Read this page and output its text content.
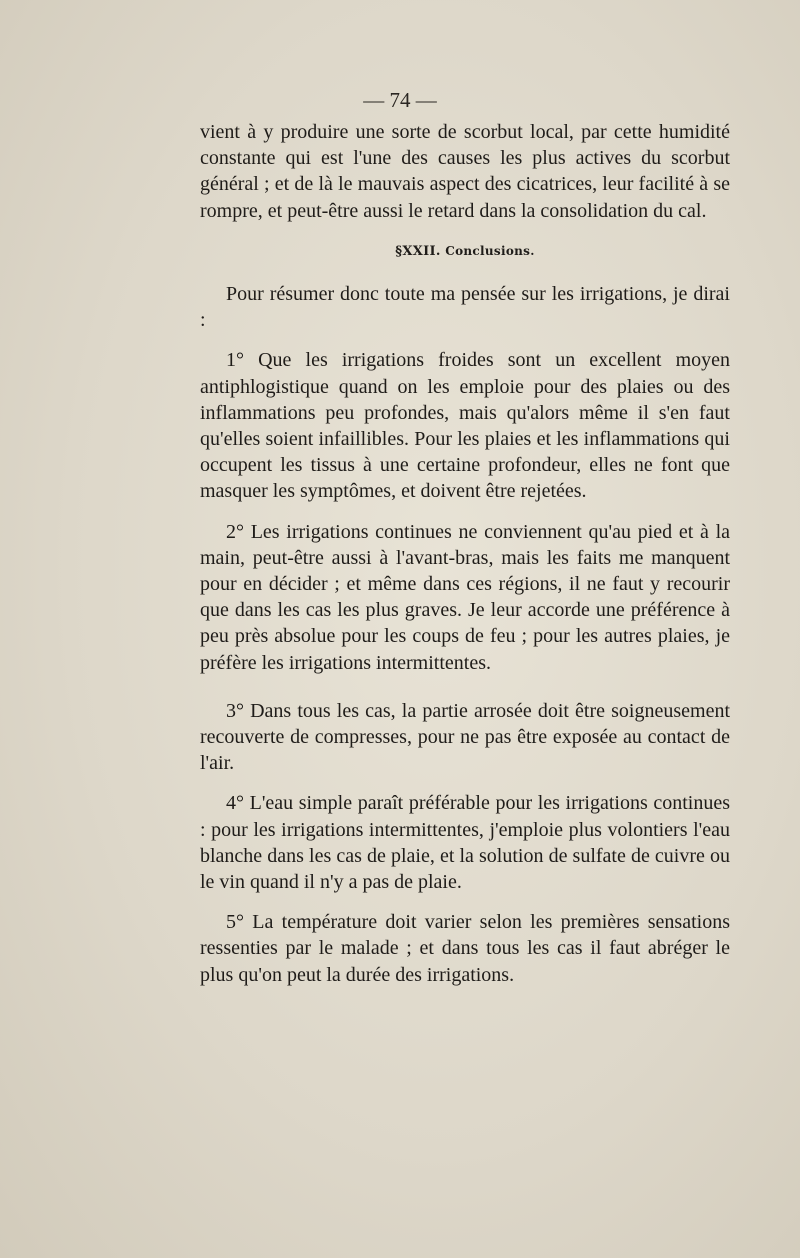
— 74 —

vient à y produire une sorte de scorbut local, par cette humidité constante qui est l'une des causes les plus actives du scorbut général ; et de là le mauvais aspect des cicatrices, leur facilité à se rompre, et peut-être aussi le retard dans la consolidation du cal.

§XXII. Conclusions.

Pour résumer donc toute ma pensée sur les irrigations, je dirai :

1° Que les irrigations froides sont un excellent moyen antiphlogistique quand on les emploie pour des plaies ou des inflammations peu profondes, mais qu'alors même il s'en faut qu'elles soient infaillibles. Pour les plaies et les inflammations qui occupent les tissus à une certaine profondeur, elles ne font que masquer les symptômes, et doivent être rejetées.

2° Les irrigations continues ne conviennent qu'au pied et à la main, peut-être aussi à l'avant-bras, mais les faits me manquent pour en décider ; et même dans ces régions, il ne faut y recourir que dans les cas les plus graves. Je leur accorde une préférence à peu près absolue pour les coups de feu ; pour les autres plaies, je préfère les irrigations intermittentes.

3° Dans tous les cas, la partie arrosée doit être soigneusement recouverte de compresses, pour ne pas être exposée au contact de l'air.

4° L'eau simple paraît préférable pour les irrigations continues : pour les irrigations intermittentes, j'emploie plus volontiers l'eau blanche dans les cas de plaie, et la solution de sulfate de cuivre ou le vin quand il n'y a pas de plaie.

5° La température doit varier selon les premières sensations ressenties par le malade ; et dans tous les cas il faut abréger le plus qu'on peut la durée des irrigations.
